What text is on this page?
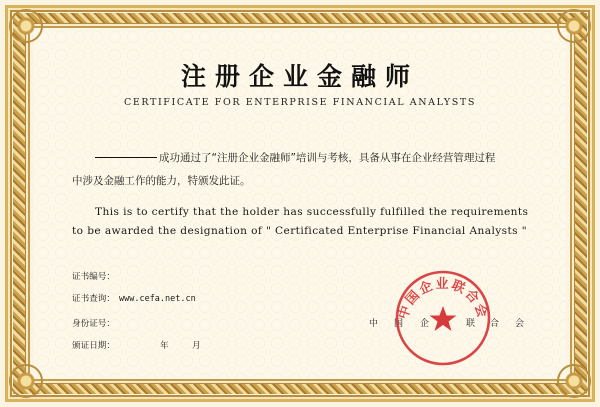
注册企业金融师
CERTIFICATE FOR ENTERPRISE FINANCIAL ANALYSTS
成功通过了“注册企业金融师”培训与考核，具备从事在企业经营管理过程
中涉及金融工作的能力，特颁发此证。
This is to certify that the holder has successfully fulfilled the requirements
to be awarded the designation of " Certificated Enterprise Financial Analysts "
证书编号：
证书查询： www.cefa.net.cn
身份证号：
颁证日期：	年	月
中 国 企	联 合 会
中国企业联合会
